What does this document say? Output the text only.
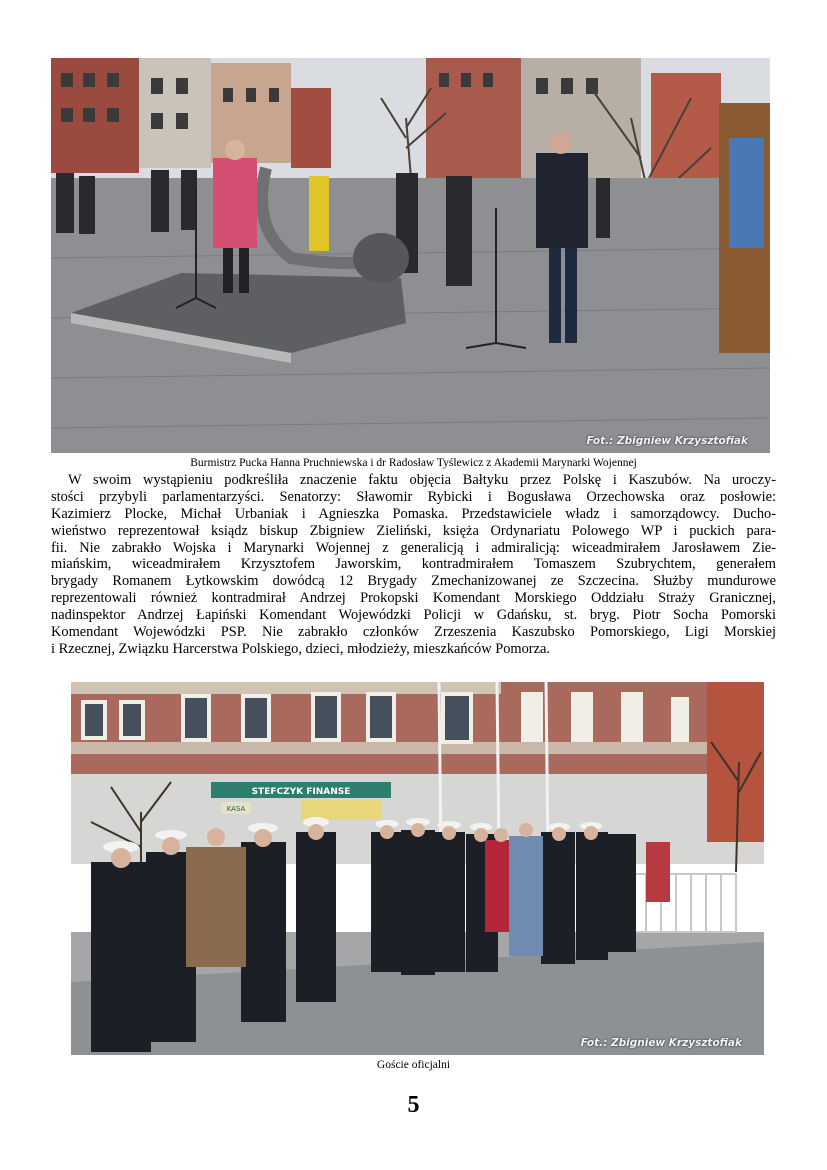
Fot.: Zbigniew Krzysztofiak
Burmistrz Pucka Hanna Pruchniewska i dr Radosław Tyślewicz z Akademii Marynarki Wojennej
W swoim wystąpieniu podkreśliła znaczenie faktu objęcia Bałtyku przez Polskę i Kaszubów. Na uroczy-
stości przybyli parlamentarzyści. Senatorzy: Sławomir Rybicki i Bogusława Orzechowska oraz posłowie:
Kazimierz Plocke, Michał Urbaniak i Agnieszka Pomaska. Przedstawiciele władz i samorządowcy. Ducho-
wieństwo reprezentował ksiądz biskup Zbigniew Zieliński, księża Ordynariatu Polowego WP i puckich para-
fii. Nie zabrakło Wojska i Marynarki Wojennej z generalicją i admiralicją: wiceadmirałem Jarosławem Zie-
miańskim, wiceadmirałem Krzysztofem Jaworskim, kontradmirałem Tomaszem Szubrychtem, generałem
brygady Romanem Łytkowskim dowódcą 12 Brygady Zmechanizowanej ze Szczecina. Służby mundurowe
reprezentowali również kontradmirał Andrzej Prokopski Komendant Morskiego Oddziału Straży Granicznej,
nadinspektor Andrzej Łapiński Komendant Wojewódzki Policji w Gdańsku, st. bryg. Piotr Socha Pomorski
Komendant Wojewódzki PSP. Nie zabrakło członków Zrzeszenia Kaszubsko Pomorskiego, Ligi Morskiej
i Rzecznej, Związku Harcerstwa Polskiego, dzieci, młodzieży, mieszkańców Pomorza.
STEFCZYK FINANSE
KASA
Fot.: Zbigniew Krzysztofiak
Goście oficjalni
5
